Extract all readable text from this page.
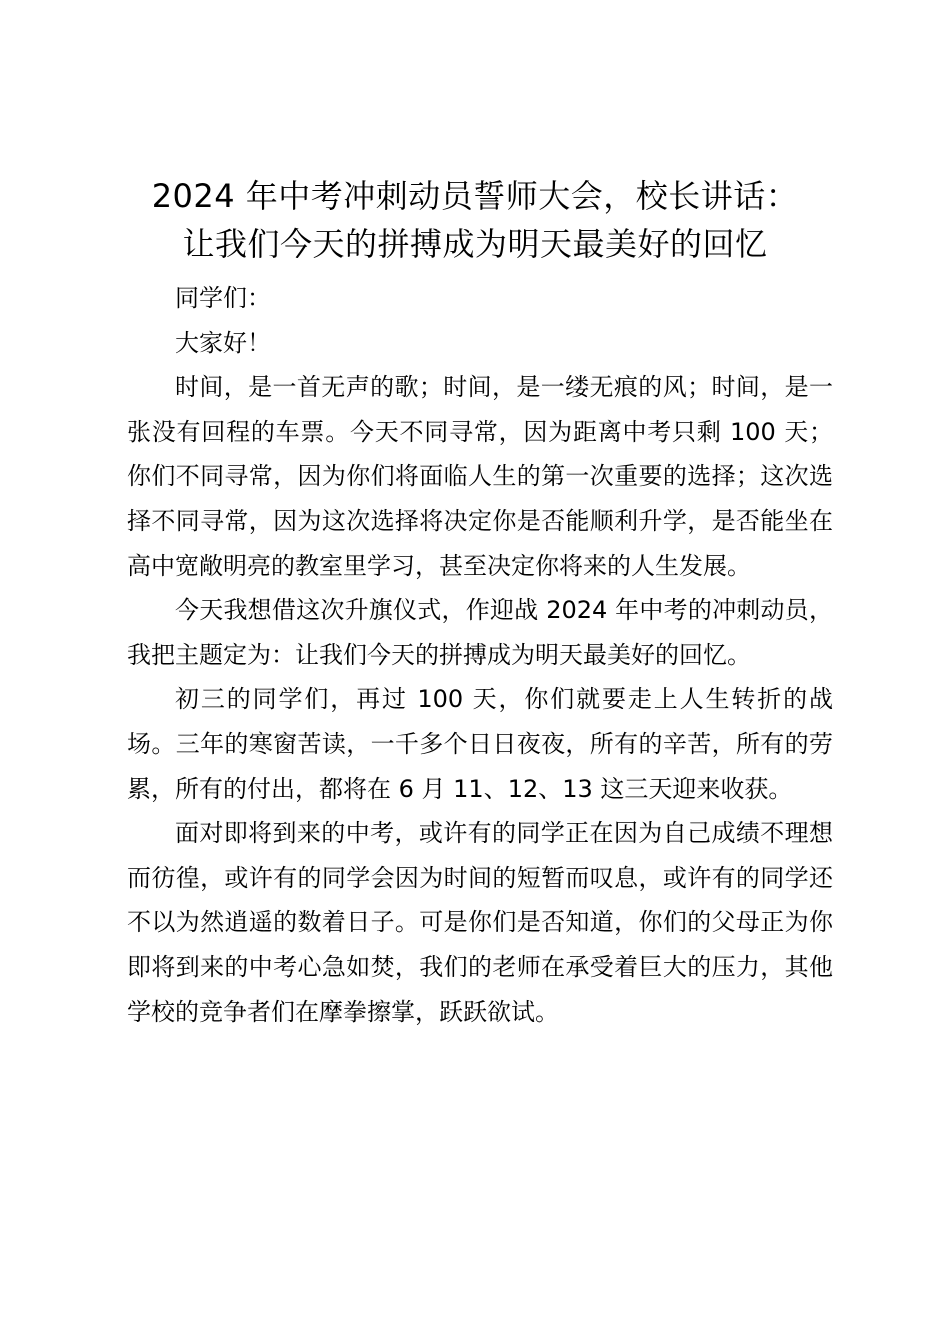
2024 年中考冲刺动员誓师大会，校长讲话：
让我们今天的拼搏成为明天最美好的回忆

同学们：

大家好！

时间，是一首无声的歌；时间，是一缕无痕的风；时间，是一张没有回程的车票。今天不同寻常，因为距离中考只剩 100 天；你们不同寻常，因为你们将面临人生的第一次重要的选择；这次选择不同寻常，因为这次选择将决定你是否能顺利升学，是否能坐在高中宽敞明亮的教室里学习，甚至决定你将来的人生发展。

今天我想借这次升旗仪式，作迎战 2024 年中考的冲刺动员，我把主题定为：让我们今天的拼搏成为明天最美好的回忆。

初三的同学们，再过 100 天，你们就要走上人生转折的战场。三年的寒窗苦读，一千多个日日夜夜，所有的辛苦，所有的劳累，所有的付出，都将在 6 月 11、12、13 这三天迎来收获。

面对即将到来的中考，或许有的同学正在因为自己成绩不理想而彷徨，或许有的同学会因为时间的短暂而叹息，或许有的同学还不以为然逍遥的数着日子。可是你们是否知道，你们的父母正为你即将到来的中考心急如焚，我们的老师在承受着巨大的压力，其他学校的竞争者们在摩拳擦掌，跃跃欲试。
